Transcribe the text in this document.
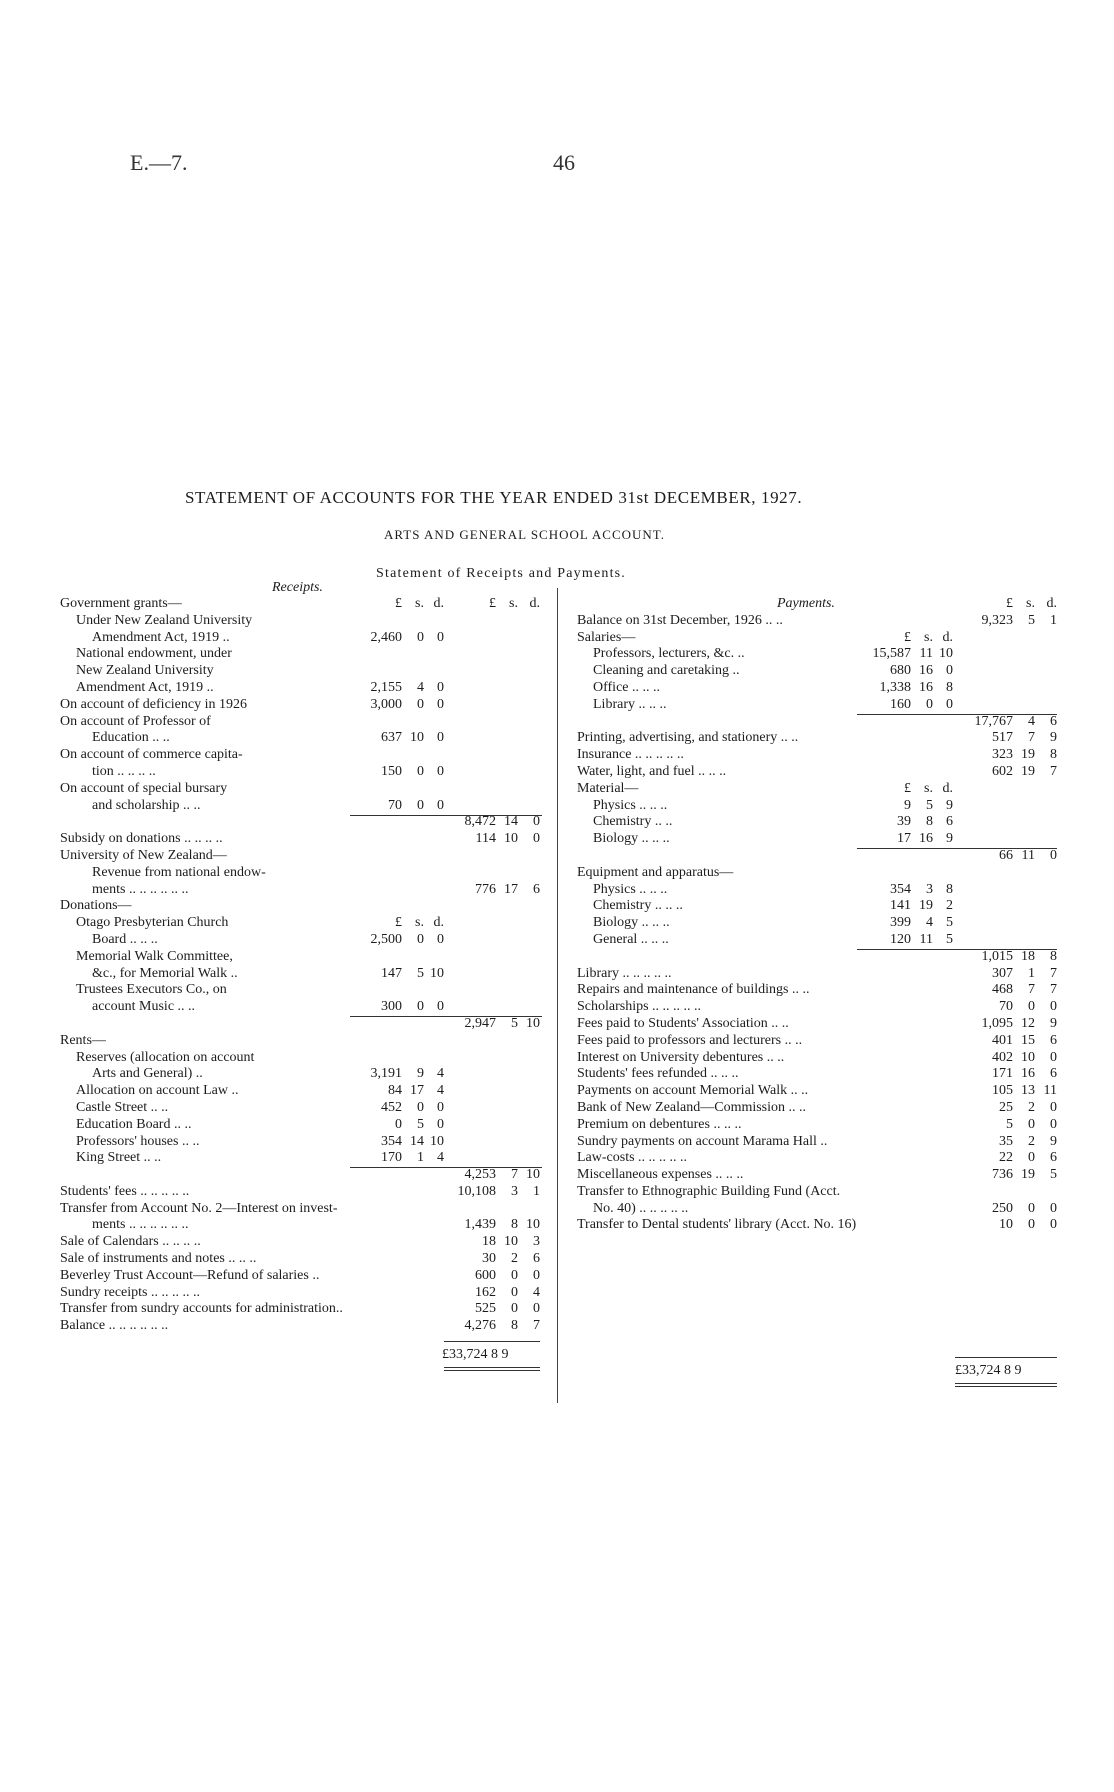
E.—7.	46
STATEMENT OF ACCOUNTS FOR THE YEAR ENDED 31st DECEMBER, 1927.
ARTS AND GENERAL SCHOOL ACCOUNT.
Statement of Receipts and Payments.
Receipts.
Government grants—	£ s. d.	£ s. d.
Under New Zealand University
Amendment Act, 1919 ..	2,460	0 0
National endowment, under
New Zealand University
Amendment Act, 1919 ..	2,155	4 0
On account of deficiency in 1926	3,000	0 0
On account of Professor of
Education .. ..	637 10 0
On account of commerce capita-
tion .. .. .. ..	150	0 0
On account of special bursary
and scholarship .. ..	70	0 0
8,472 14	0
Subsidy on donations .. .. .. ..	114 10	0
University of New Zealand—
Revenue from national endow-
ments .. .. .. .. .. ..	776 17	6
Donations—
Otago Presbyterian Church	£ s. d.
Board .. .. ..	2,500	0 0
Memorial Walk Committee,
&c., for Memorial Walk ..	147	5 10
Trustees Executors Co., on
account Music .. ..	300	0 0
2,947	5 10
Rents—
Reserves (allocation on account
Arts and General) ..	3,191	9 4
Allocation on account Law ..	84 17 4
Castle Street .. ..	452	0 0
Education Board .. ..	0	5 0
Professors' houses .. ..	354 14 10
King Street .. ..	170	1 4
4,253	7 10
Students' fees .. .. .. .. ..	10,108	3	1
Transfer from Account No. 2—Interest on invest-
ments .. .. .. .. .. ..	1,439	8 10
Sale of Calendars .. .. .. ..	18 10	3
Sale of instruments and notes .. .. ..	30	2	6
Beverley Trust Account—Refund of salaries ..	600	0	0
Sundry receipts .. .. .. .. ..	162	0	4
Transfer from sundry accounts for administration..	525	0	0
Balance .. .. .. .. .. ..	4,276	8	7
£33,724 8 9
Payments.	£ s. d.
Balance on 31st December, 1926 .. ..	9,323	5	1
Salaries—	£ s. d.
Professors, lecturers, &c. ..	15,587 11 10
Cleaning and caretaking ..	680 16 0
Office .. .. ..	1,338 16 8
Library .. .. ..	160	0 0
17,767	4	6
Printing, advertising, and stationery .. ..	517	7	9
Insurance .. .. .. .. ..	323 19	8
Water, light, and fuel .. .. ..	602 19	7
Material—	£ s. d.
Physics .. .. ..	9	5 9
Chemistry .. ..	39	8 6
Biology .. .. ..	17 16 9
66 11	0
Equipment and apparatus—
Physics .. .. ..	354	3 8
Chemistry .. .. ..	141 19 2
Biology .. .. ..	399	4 5
General .. .. ..	120 11 5
1,015 18	8
Library .. .. .. .. ..	307	1	7
Repairs and maintenance of buildings .. ..	468	7	7
Scholarships .. .. .. .. ..	70	0	0
Fees paid to Students' Association .. ..	1,095 12	9
Fees paid to professors and lecturers .. ..	401 15	6
Interest on University debentures .. ..	402 10	0
Students' fees refunded .. .. ..	171 16	6
Payments on account Memorial Walk .. ..	105 13 11
Bank of New Zealand—Commission .. ..	25	2	0
Premium on debentures .. .. ..	5	0	0
Sundry payments on account Marama Hall ..	35	2	9
Law-costs .. .. .. .. ..	22	0	6
Miscellaneous expenses .. .. ..	736 19	5
Transfer to Ethnographic Building Fund (Acct.
No. 40) .. .. .. .. ..	250	0	0
Transfer to Dental students' library (Acct. No. 16)	10	0	0
£33,724 8 9
